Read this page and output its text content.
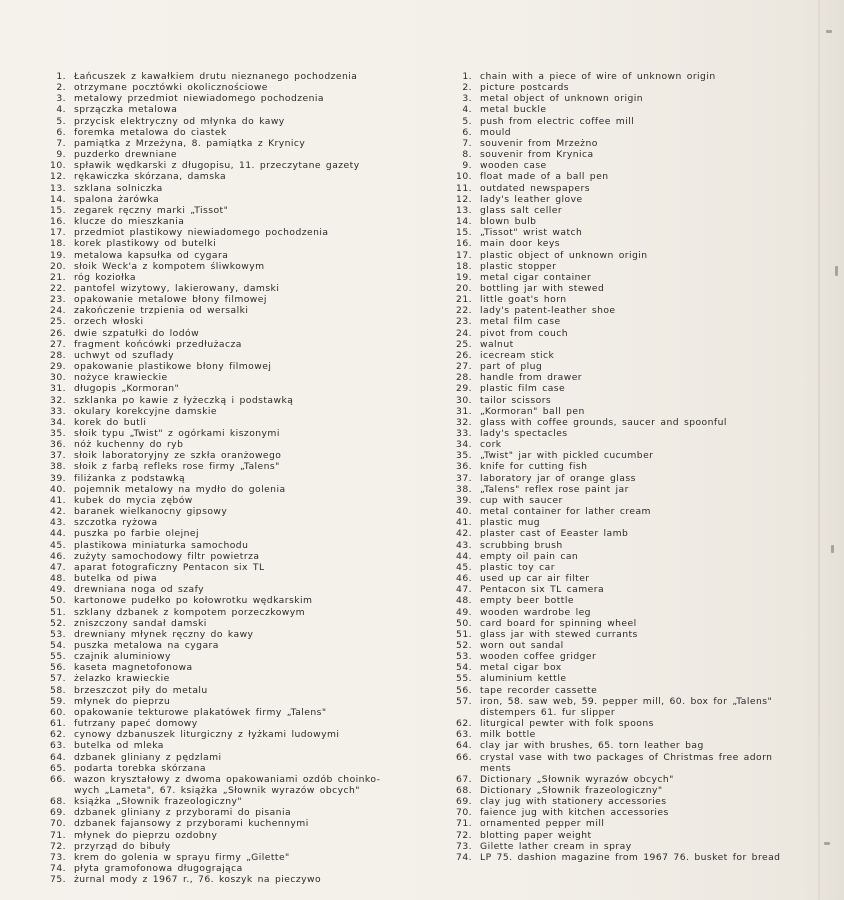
1. Łańcuszek z kawałkiem drutu nieznanego pochodzenia
2. otrzymane pocztówki okolicznościowe
3. metalowy przedmiot niewiadomego pochodzenia
4. sprzączka metalowa
5. przycisk elektryczny od młynka do kawy
6. foremka metalowa do ciastek
7. pamiątka z Mrzeżyna, 8. pamiątka z Krynicy
9. puzderko drewniane
10. spławik wędkarski z długopisu, 11. przeczytane gazety
12. rękawiczka skórzana, damska
13. szklana solniczka
14. spalona żarówka
15. zegarek ręczny marki „Tissot"
16. klucze do mieszkania
17. przedmiot plastikowy niewiadomego pochodzenia
18. korek plastikowy od butelki
19. metalowa kapsułka od cygara
20. słoik Weck'a z kompotem śliwkowym
21. róg koziołka
22. pantofel wizytowy, lakierowany, damski
23. opakowanie metalowe błony filmowej
24. zakończenie trzpienia od wersalki
25. orzech włoski
26. dwie szpatułki do lodów
27. fragment końcówki przedłużacza
28. uchwyt od szuflady
29. opakowanie plastikowe błony filmowej
30. nożyce krawieckie
31. długopis „Kormoran"
32. szklanka po kawie z łyżeczką i podstawką
33. okulary korekcyjne damskie
34. korek do butli
35. słoik typu „Twist" z ogórkami kiszonymi
36. nóż kuchenny do ryb
37. słoik laboratoryjny ze szkła oranżowego
38. słoik z farbą refleks rose firmy „Talens"
39. filiżanka z podstawką
40. pojemnik metalowy na mydło do golenia
41. kubek do mycia zębów
42. baranek wielkanocny gipsowy
43. szczotka ryżowa
44. puszka po farbie olejnej
45. plastikowa miniaturka samochodu
46. zużyty samochodowy filtr powietrza
47. aparat fotograficzny Pentacon six TL
48. butelka od piwa
49. drewniana noga od szafy
50. kartonowe pudełko po kołowrotku wędkarskim
51. szklany dzbanek z kompotem porzeczkowym
52. zniszczony sandał damski
53. drewniany młynek ręczny do kawy
54. puszka metalowa na cygara
55. czajnik aluminiowy
56. kaseta magnetofonowa
57. żelazko krawieckie
58. brzeszczot piły do metalu
59. młynek do pieprzu
60. opakowanie tekturowe plakatówek firmy „Talens"
61. futrzany papeć domowy
62. cynowy dzbanuszek liturgiczny z łyżkami ludowymi
63. butelka od mleka
64. dzbanek gliniany z pędzlami
65. podarta torebka skórzana
66. wazon kryształowy z dwoma opakowaniami ozdób choinko-
wych „Lameta", 67. książka „Słownik wyrazów obcych"
68. książka „Słownik frazeologiczny"
69. dzbanek gliniany z przyborami do pisania
70. dzbanek fajansowy z przyborami kuchennymi
71. młynek do pieprzu ozdobny
72. przyrząd do bibuły
73. krem do golenia w sprayu firmy „Gilette"
74. płyta gramofonowa długogrająca
75. żurnal mody z 1967 r., 76. koszyk na pieczywo
1. chain with a piece of wire of unknown origin
2. picture postcards
3. metal object of unknown origin
4. metal buckle
5. push from electric coffee mill
6. mould
7. souvenir from Mrzeżno
8. souvenir from Krynica
9. wooden case
10. float made of a ball pen
11. outdated newspapers
12. lady's leather glove
13. glass salt celler
14. blown bulb
15. „Tissot" wrist watch
16. main door keys
17. plastic object of unknown origin
18. plastic stopper
19. metal cigar container
20. bottling jar with stewed
21. little goat's horn
22. lady's patent-leather shoe
23. metal film case
24. pivot from couch
25. walnut
26. icecream stick
27. part of plug
28. handle from drawer
29. plastic film case
30. tailor scissors
31. „Kormoran" ball pen
32. glass with coffee grounds, saucer and spoonful
33. lady's spectacles
34. cork
35. „Twist" jar with pickled cucumber
36. knife for cutting fish
37. laboratory jar of orange glass
38. „Talens" reflex rose paint jar
39. cup with saucer
40. metal container for lather cream
41. plastic mug
42. plaster cast of Eeaster lamb
43. scrubbing brush
44. empty oil pain can
45. plastic toy car
46. used up car air filter
47. Pentacon six TL camera
48. empty beer bottle
49. wooden wardrobe leg
50. card board for spinning wheel
51. glass jar with stewed currants
52. worn out sandal
53. wooden coffee gridger
54. metal cigar box
55. aluminium kettle
56. tape recorder cassette
57. iron, 58. saw web, 59. pepper mill, 60. box for „Talens"
distempers 61. fur slipper
62. liturgical pewter with folk spoons
63. milk bottle
64. clay jar with brushes, 65. torn leather bag
66. crystal vase with two packages of Christmas free adorn
ments
67. Dictionary „Słownik wyrazów obcych"
68. Dictionary „Słownik frazeologiczny"
69. clay jug with stationery accessories
70. faience jug with kitchen accessories
71. ornamented pepper mill
72. blotting paper weight
73. Gilette lather cream in spray
74. LP 75. dashion magazine from 1967 76. busket for bread
